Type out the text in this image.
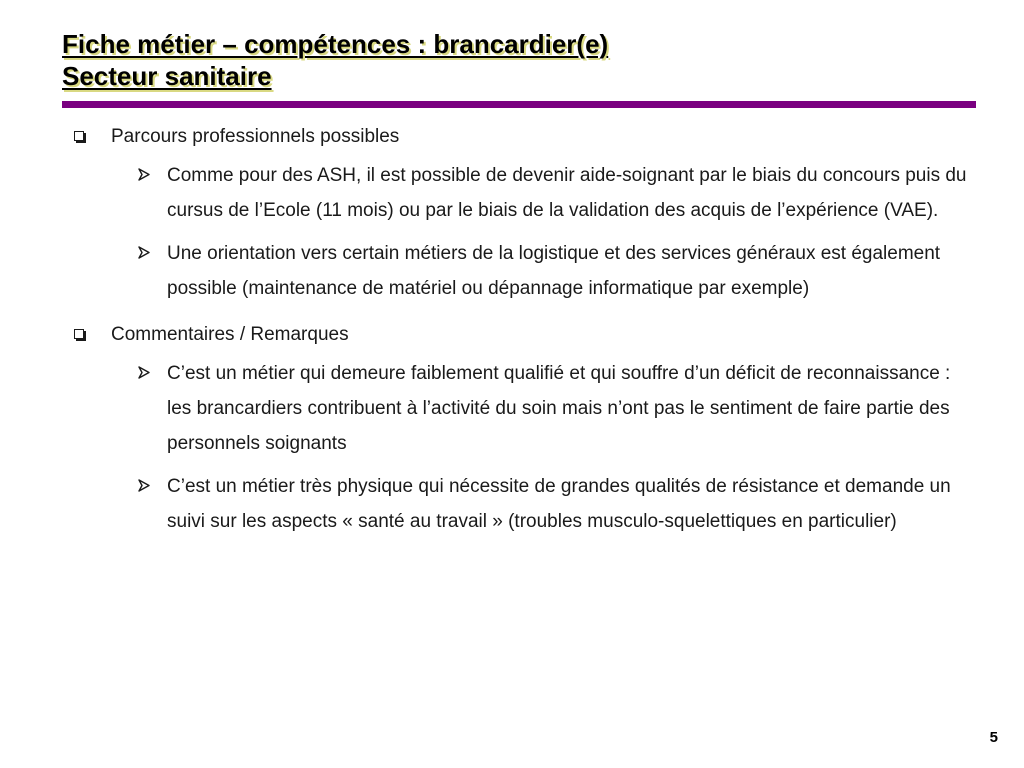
Fiche métier – compétences : brancardier(e)
Secteur sanitaire
Parcours professionnels possibles
Comme pour des ASH, il est possible de devenir aide-soignant par le biais du concours puis du cursus de l’Ecole (11 mois) ou par le biais de la validation des acquis de l’expérience (VAE).
Une orientation vers certain métiers de la logistique et des services généraux est également possible (maintenance de matériel ou dépannage informatique par exemple)
Commentaires / Remarques
C’est un métier qui demeure faiblement qualifié et qui souffre d’un déficit de reconnaissance : les brancardiers contribuent à l’activité du soin mais n’ont pas le sentiment de faire partie des personnels soignants
C’est un métier très physique qui nécessite de grandes qualités de résistance et demande un suivi sur les aspects « santé au travail » (troubles musculo-squelettiques en particulier)
5
